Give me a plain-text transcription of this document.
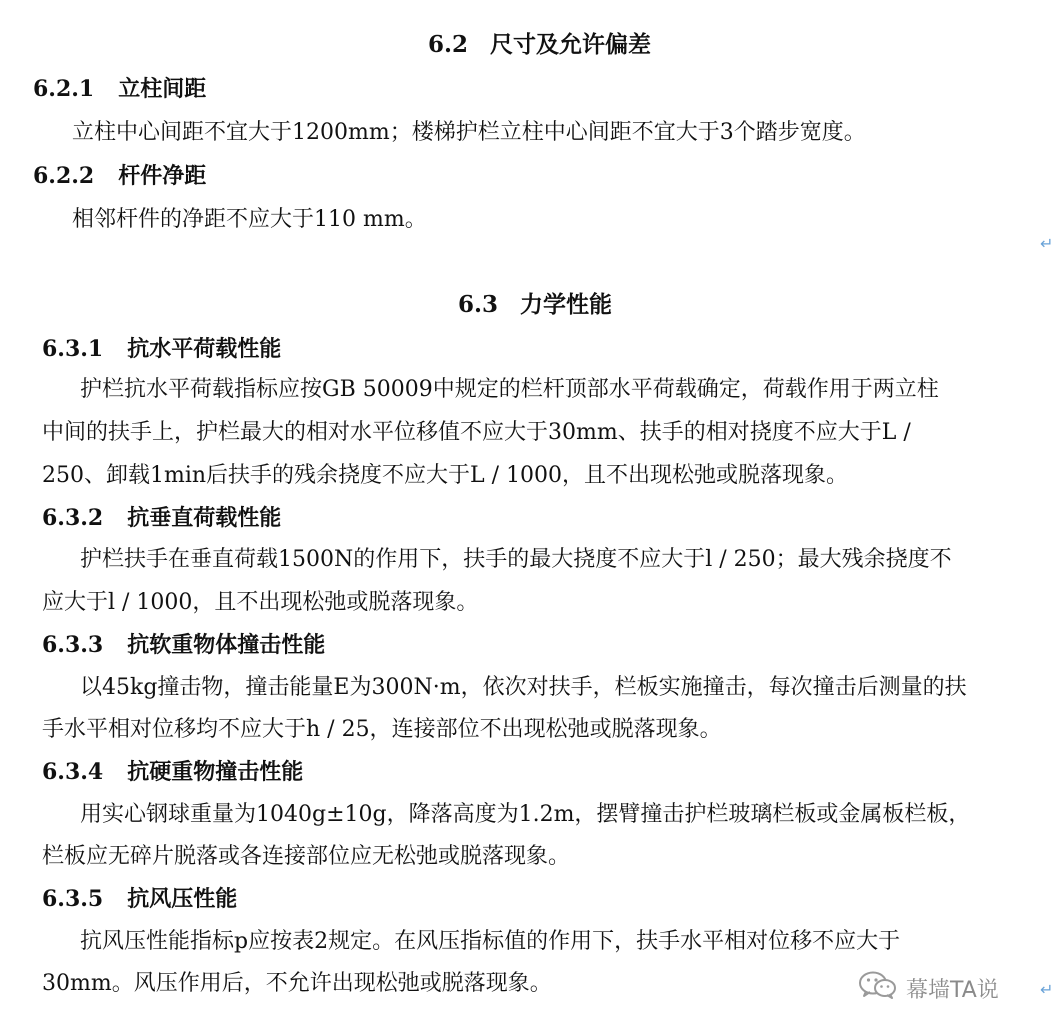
6.2 尺寸及允许偏差
6.2.1 立柱间距
立柱中心间距不宜大于1200mm；楼梯护栏立柱中心间距不宜大于3个踏步宽度。
6.2.2 杆件净距
相邻杆件的净距不应大于110 mm。
↵
6.3 力学性能
6.3.1 抗水平荷载性能
护栏抗水平荷载指标应按GB 50009中规定的栏杆顶部水平荷载确定，荷载作用于两立柱
中间的扶手上，护栏最大的相对水平位移值不应大于30mm、扶手的相对挠度不应大于L /
250、卸载1min后扶手的残余挠度不应大于L / 1000，且不出现松弛或脱落现象。
6.3.2 抗垂直荷载性能
护栏扶手在垂直荷载1500N的作用下，扶手的最大挠度不应大于l / 250；最大残余挠度不
应大于l / 1000，且不出现松弛或脱落现象。
6.3.3 抗软重物体撞击性能
以45kg撞击物，撞击能量E为300N·m，依次对扶手，栏板实施撞击，每次撞击后测量的扶
手水平相对位移均不应大于h / 25，连接部位不出现松弛或脱落现象。
6.3.4 抗硬重物撞击性能
用实心钢球重量为1040g±10g，降落高度为1.2m，摆臂撞击护栏玻璃栏板或金属板栏板，
栏板应无碎片脱落或各连接部位应无松弛或脱落现象。
6.3.5 抗风压性能
抗风压性能指标p应按表2规定。在风压指标值的作用下，扶手水平相对位移不应大于
30mm。风压作用后，不允许出现松弛或脱落现象。	↵
幕墙TA说
